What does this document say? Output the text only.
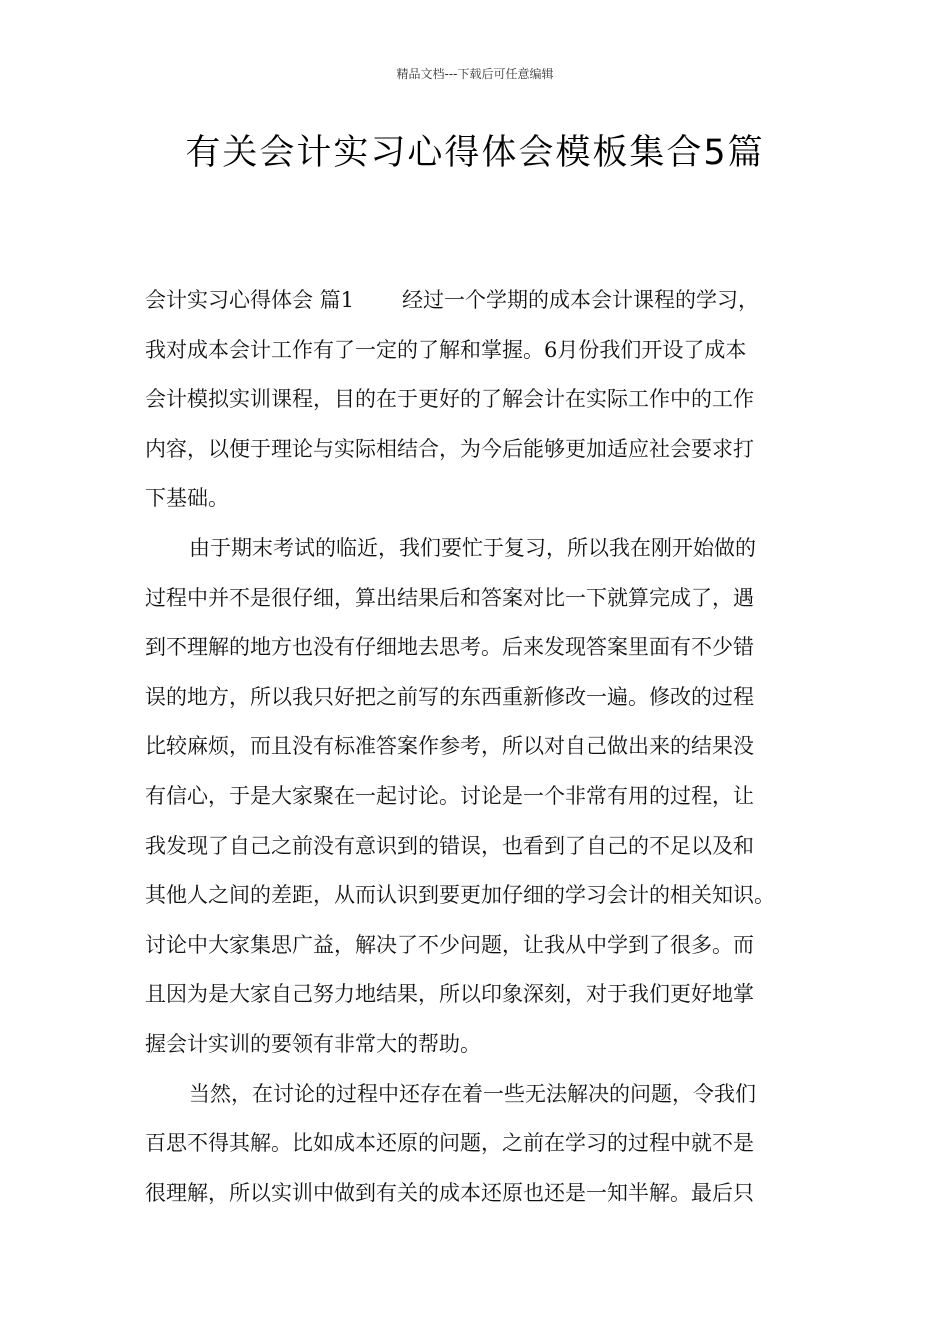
精品文档---下载后可任意编辑
有关会计实习心得体会模板集合5篇
会计实习心得体会 篇1 经过一个学期的成本会计课程的学习，
我对成本会计工作有了一定的了解和掌握。6月份我们开设了成本
会计模拟实训课程，目的在于更好的了解会计在实际工作中的工作
内容，以便于理论与实际相结合，为今后能够更加适应社会要求打
下基础。
由于期末考试的临近，我们要忙于复习，所以我在刚开始做的
过程中并不是很仔细，算出结果后和答案对比一下就算完成了，遇
到不理解的地方也没有仔细地去思考。后来发现答案里面有不少错
误的地方，所以我只好把之前写的东西重新修改一遍。修改的过程
比较麻烦，而且没有标准答案作参考，所以对自己做出来的结果没
有信心，于是大家聚在一起讨论。讨论是一个非常有用的过程，让
我发现了自己之前没有意识到的错误，也看到了自己的不足以及和
其他人之间的差距，从而认识到要更加仔细的学习会计的相关知识。
讨论中大家集思广益，解决了不少问题，让我从中学到了很多。而
且因为是大家自己努力地结果，所以印象深刻，对于我们更好地掌
握会计实训的要领有非常大的帮助。
当然，在讨论的过程中还存在着一些无法解决的问题，令我们
百思不得其解。比如成本还原的问题，之前在学习的过程中就不是
很理解，所以实训中做到有关的成本还原也还是一知半解。最后只
